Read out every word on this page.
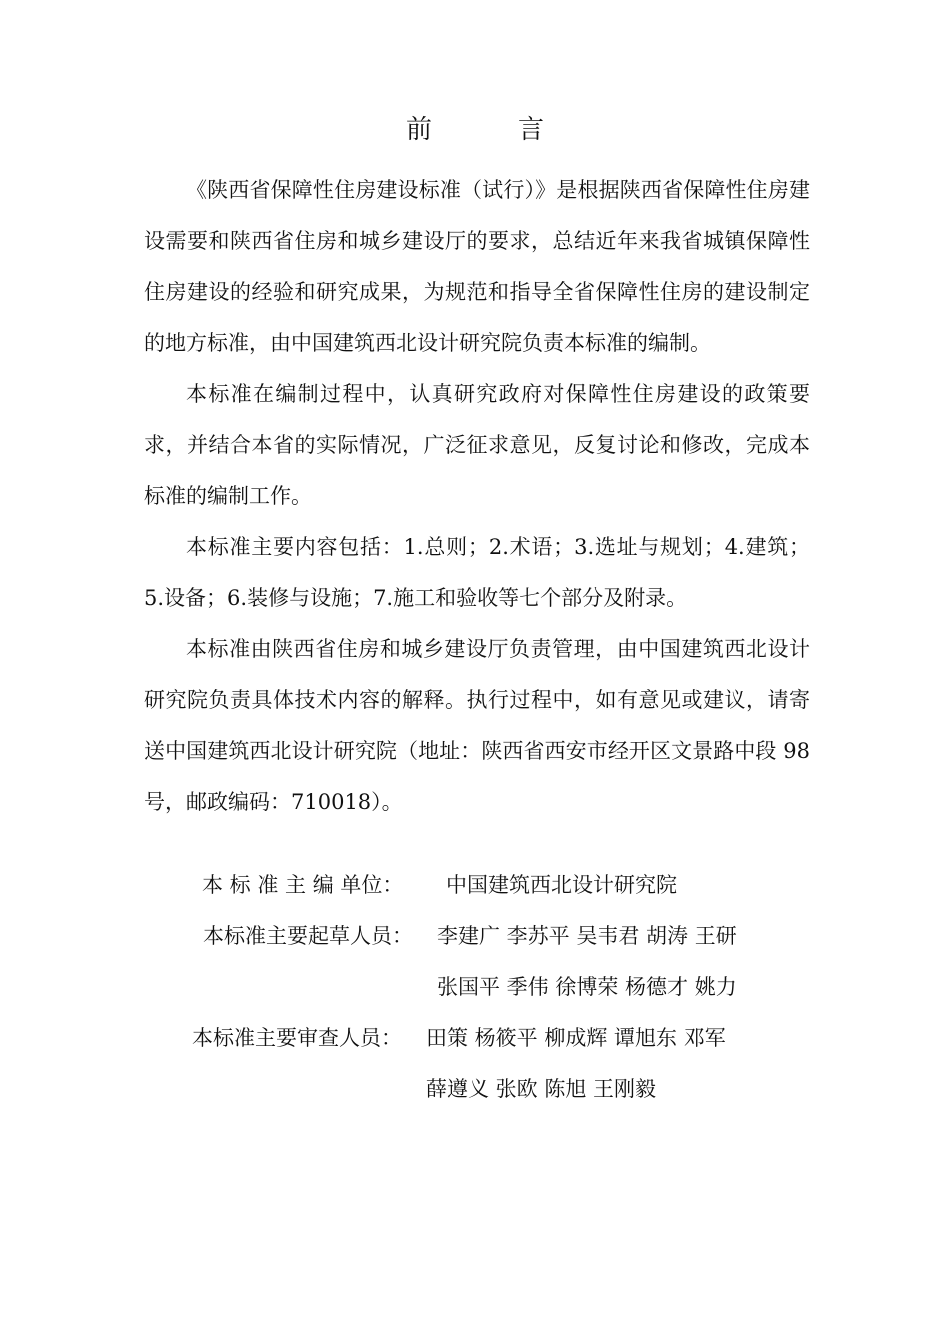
前　言

《陕西省保障性住房建设标准（试行）》是根据陕西省保障性住房建设需要和陕西省住房和城乡建设厅的要求，总结近年来我省城镇保障性住房建设的经验和研究成果，为规范和指导全省保障性住房的建设制定的地方标准，由中国建筑西北设计研究院负责本标准的编制。

本标准在编制过程中，认真研究政府对保障性住房建设的政策要求，并结合本省的实际情况，广泛征求意见，反复讨论和修改，完成本标准的编制工作。

本标准主要内容包括：1.总则；2.术语；3.选址与规划；4.建筑；5.设备；6.装修与设施；7.施工和验收等七个部分及附录。

本标准由陕西省住房和城乡建设厅负责管理，由中国建筑西北设计研究院负责具体技术内容的解释。执行过程中，如有意见或建议，请寄送中国建筑西北设计研究院（地址：陕西省西安市经开区文景路中段 98 号，邮政编码：710018）。

本 标 准 主 编 单位： 中国建筑西北设计研究院
本标准主要起草人员： 李建广 李苏平 吴韦君 胡涛 王研
张国平 季伟 徐博荣 杨德才 姚力
本标准主要审查人员： 田策 杨筱平 柳成辉 谭旭东 邓军
薛遵义 张欧 陈旭 王刚毅
